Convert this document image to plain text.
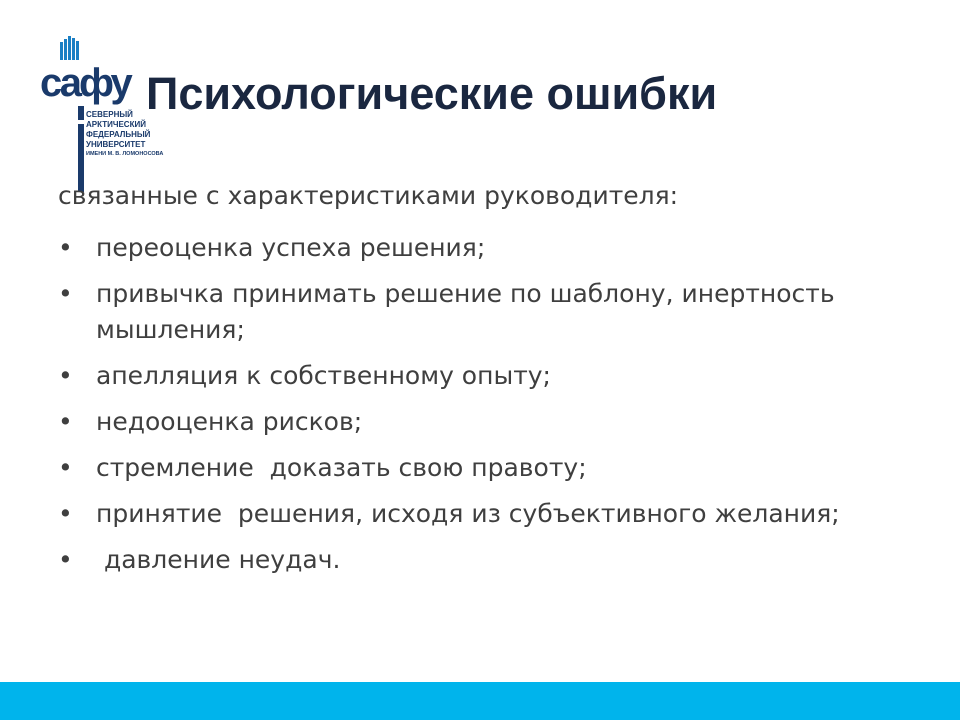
сафу
СЕВЕРНЫЙ
АРКТИЧЕСКИЙ
ФЕДЕРАЛЬНЫЙ
УНИВЕРСИТЕТ
ИМЕНИ М. В. ЛОМОНОСОВА
Психологические ошибки

связанные с характеристиками руководителя:

• переоценка успеха решения;
• привычка принимать решение по шаблону, инертность мышления;
• апелляция к собственному опыту;
• недооценка рисков;
• стремление  доказать свою правоту;
• принятие  решения, исходя из субъективного желания;
• давление неудач.
